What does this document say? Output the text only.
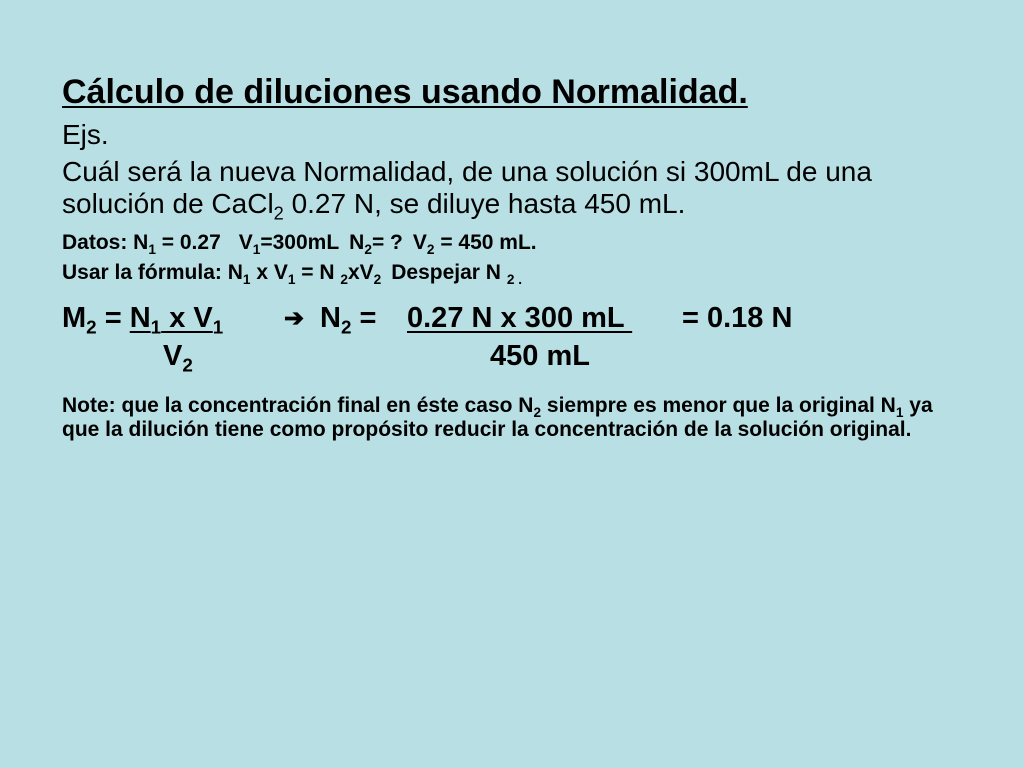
Cálculo de diluciones usando Normalidad.
Ejs.
Cuál será la nueva Normalidad, de una solución si 300mL de una solución de CaCl$_2$ 0.27 N, se diluye hasta 450 mL.
Datos: $N_1 = 0.27$ $V_1=300mL$ $N_2=$ ? $V_2 = 450$ mL.
Usar la fórmula: $N_1$ x $V_1 = N$ $_2xV_2$ Despejar N $_{2 .}$
$M_2 = N_1$ x $V_1$
$V_2$
➔ $N_2 = 0.27$ N x 300 mL = 0.18 N
450 mL
Note: que la concentración final en éste caso $N_2$ siempre es menor que la original $N_1$ ya que la dilución tiene como propósito reducir la concentración de la solución original.
